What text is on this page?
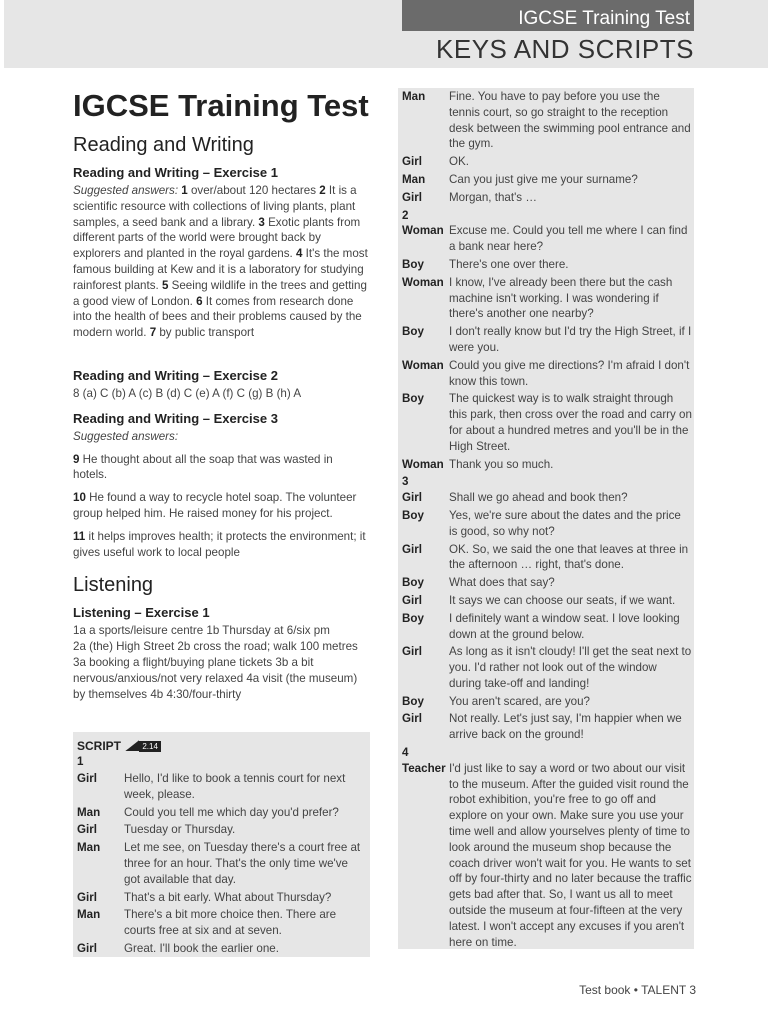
IGCSE Training Test
KEYS AND SCRIPTS
IGCSE Training Test
Reading and Writing
Reading and Writing – Exercise 1
Suggested answers: 1 over/about 120 hectares 2 It is a scientific resource with collections of living plants, plant samples, a seed bank and a library. 3 Exotic plants from different parts of the world were brought back by explorers and planted in the royal gardens. 4 It's the most famous building at Kew and it is a laboratory for studying rainforest plants. 5 Seeing wildlife in the trees and getting a good view of London. 6 It comes from research done into the health of bees and their problems caused by the modern world. 7 by public transport
Reading and Writing – Exercise 2
8 (a) C (b) A (c) B (d) C (e) A (f) C (g) B (h) A
Reading and Writing – Exercise 3
Suggested answers:
9 He thought about all the soap that was wasted in hotels.
10 He found a way to recycle hotel soap. The volunteer group helped him. He raised money for his project.
11 it helps improves health; it protects the environment; it gives useful work to local people
Listening
Listening – Exercise 1
1a a sports/leisure centre 1b Thursday at 6/six pm
2a (the) High Street 2b cross the road; walk 100 metres
3a booking a flight/buying plane tickets 3b a bit nervous/anxious/not very relaxed 4a visit (the museum) by themselves 4b 4:30/four-thirty
SCRIPT	2.14
1
Girl	Hello, I'd like to book a tennis court for next week, please.
Man	Could you tell me which day you'd prefer?
Girl	Tuesday or Thursday.
Man	Let me see, on Tuesday there's a court free at three for an hour. That's the only time we've got available that day.
Girl	That's a bit early. What about Thursday?
Man	There's a bit more choice then. There are courts free at six and at seven.
Girl	Great. I'll book the earlier one.
Man	Fine. You have to pay before you use the tennis court, so go straight to the reception desk between the swimming pool entrance and the gym.
Girl	OK.
Man	Can you just give me your surname?
Girl	Morgan, that's …
2
Woman Excuse me. Could you tell me where I can find a bank near here?
Boy	There's one over there.
Woman I know, I've already been there but the cash machine isn't working. I was wondering if there's another one nearby?
Boy	I don't really know but I'd try the High Street, if I were you.
Woman Could you give me directions? I'm afraid I don't know this town.
Boy	The quickest way is to walk straight through this park, then cross over the road and carry on for about a hundred metres and you'll be in the High Street.
Woman Thank you so much.
3
Girl	Shall we go ahead and book then?
Boy	Yes, we're sure about the dates and the price is good, so why not?
Girl	OK. So, we said the one that leaves at three in the afternoon … right, that's done.
Boy	What does that say?
Girl	It says we can choose our seats, if we want.
Boy	I definitely want a window seat. I love looking down at the ground below.
Girl	As long as it isn't cloudy! I'll get the seat next to you. I'd rather not look out of the window during take-off and landing!
Boy	You aren't scared, are you?
Girl	Not really. Let's just say, I'm happier when we arrive back on the ground!
4
Teacher I'd just like to say a word or two about our visit to the museum. After the guided visit round the robot exhibition, you're free to go off and explore on your own. Make sure you use your time well and allow yourselves plenty of time to look around the museum shop because the coach driver won't wait for you. He wants to set off by four-thirty and no later because the traffic gets bad after that. So, I want us all to meet outside the museum at four-fifteen at the very latest. I won't accept any excuses if you aren't here on time.
Test book • TALENT 3
